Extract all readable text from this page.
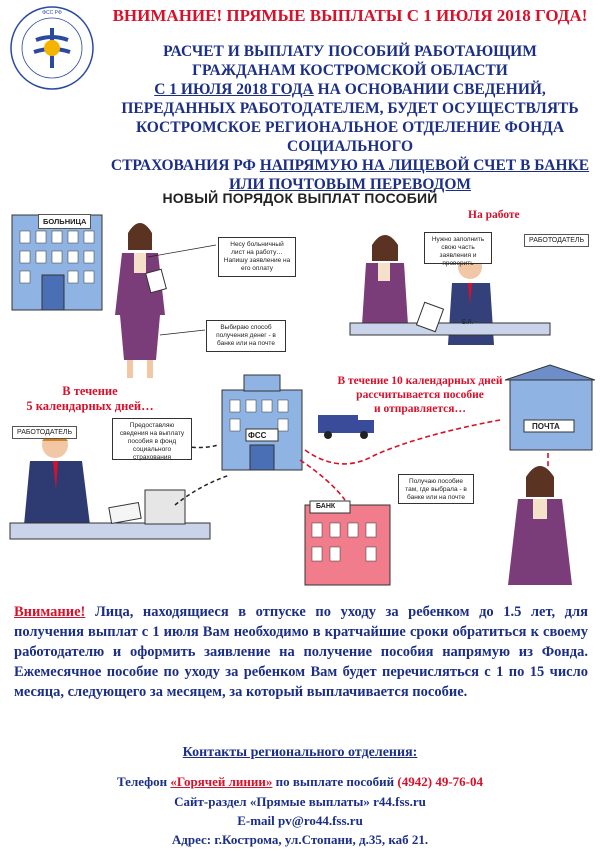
ФСС РФ	ВНИМАНИЕ! ПРЯМЫЕ ВЫПЛАТЫ С 1 ИЮЛЯ 2018 ГОДА!
РАСЧЕТ И ВЫПЛАТУ ПОСОБИЙ РАБОТАЮЩИМ
ГРАЖДАНАМ КОСТРОМСКОЙ ОБЛАСТИ
С 1 ИЮЛЯ 2018 ГОДА НА ОСНОВАНИИ СВЕДЕНИЙ,
ПЕРЕДАННЫХ РАБОТОДАТЕЛЕМ, БУДЕТ ОСУЩЕСТВЛЯТЬ
КОСТРОМСКОЕ РЕГИОНАЛЬНОЕ ОТДЕЛЕНИЕ ФОНДА СОЦИАЛЬНОГО
СТРАХОВАНИЯ РФ НАПРЯМУЮ НА ЛИЦЕВОЙ СЧЕТ В БАНКЕ
ИЛИ ПОЧТОВЫМ ПЕРЕВОДОМ
НОВЫЙ ПОРЯДОК ВЫПЛАТ ПОСОБИЙ
БОЛЬНИЦА
Несу больничный лист на работу… Напишу заявление на его оплату
Выбираю способ получения денег - в банке или на почте
На работе
Нужно заполнить свою часть заявления и проверить
РАБОТОДАТЕЛЬ
Б.Л.
В течение
5 календарных дней…
РАБОТОДАТЕЛЬ
Предоставляю сведения на выплату пособия в фонд социального страхования
В течение 10 календарных дней
рассчитывается пособие
и отправляется…
ФСС
ПОЧТА
БАНК
Получаю пособие там, где выбрала - в банке или на почте
Внимание! Лица, находящиеся в отпуске по уходу за ребенком до 1.5 лет, для получения выплат с 1 июля Вам необходимо в кратчайшие сроки обратиться к своему работодателю и оформить заявление на получение пособия напрямую из Фонда. Ежемесячное пособие по уходу за ребенком Вам будет перечисляться с 1 по 15 число месяца, следующего за месяцем, за который выплачивается пособие.
Контакты регионального отделения:
Телефон «Горячей линии» по выплате пособий (4942) 49-76-04
Сайт-раздел «Прямые выплаты» r44.fss.ru
E-mail pv@ro44.fss.ru
Адрес: г.Кострома, ул.Стопани, д.35, каб 21.
